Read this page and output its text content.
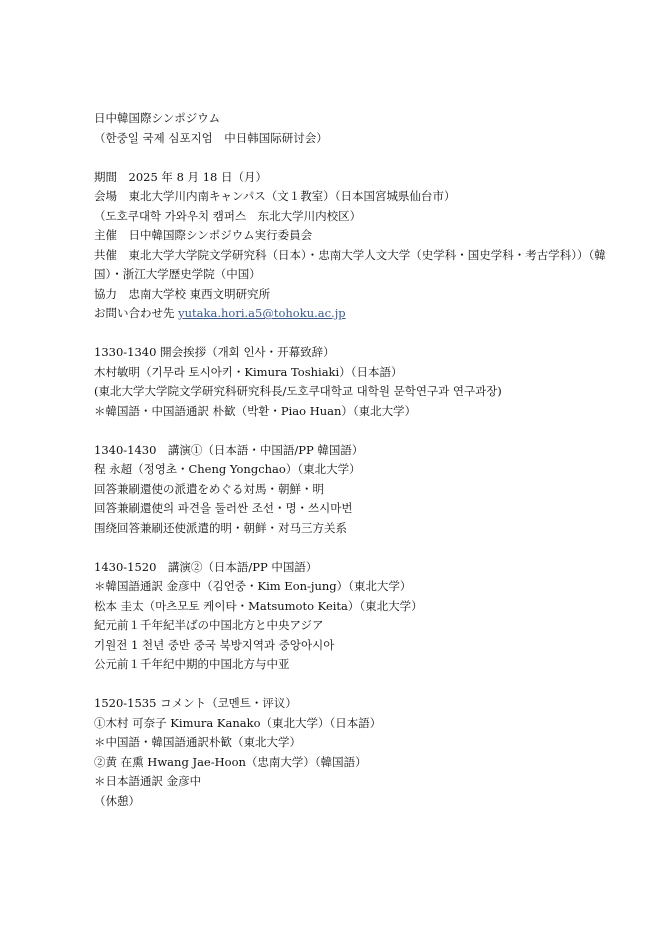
日中韓国際シンポジウム
（한중일 국제 심포지엄　中日韩国际研讨会）
期間　2025 年 8 月 18 日（月）
会場　東北大学川内南キャンパス（文１教室）（日本国宮城県仙台市）
（도호쿠대학 가와우치 캠퍼스　东北大学川内校区）
主催　日中韓国際シンポジウム実行委員会
共催　東北大学大学院文学研究科（日本）・忠南大学人文大学（史学科・国史学科・考古学科））（韓国）・浙江大学歴史学院（中国）
協力　忠南大学校 東西文明研究所
お問い合わせ先 yutaka.hori.a5@tohoku.ac.jp
1330-1340 開会挨拶（개회 인사・开幕致辞）
木村敏明（기무라 토시아키・Kimura Toshiaki）（日本語）
(東北大学大学院文学研究科研究科長/도호쿠대학교 대학원 문학연구과 연구과장)
＊韓国語・中国語通訳 朴歓（박환・Piao Huan）（東北大学）
1340-1430　講演①（日本語・中国語/PP 韓国語）
程 永超（정영초・Cheng Yongchao）（東北大学）
回答兼刷還使の派遣をめぐる対馬・朝鮮・明
回答兼刷還使의 파견을 둘러싼 조선・명・쓰시마번
围绕回答兼刷还使派遣的明・朝鲜・对马三方关系
1430-1520　講演②（日本語/PP 中国語）
＊韓国語通訳 金彦中（김언중・Kim Eon-jung）（東北大学）
松本 圭太（마츠모토 케이타・Matsumoto Keita）（東北大学）
紀元前１千年紀半ばの中国北方と中央アジア
기원전 1 천년 중반 중국 북방지역과 중앙아시아
公元前１千年纪中期的中国北方与中亚
1520-1535 コメント（코멘트・评议）
①木村 可奈子 Kimura Kanako（東北大学）（日本語）
＊中国語・韓国語通訳朴歓（東北大学）
②黄 在熏 Hwang Jae-Hoon（忠南大学）（韓国語）
＊日本語通訳 金彦中
（休憩）
